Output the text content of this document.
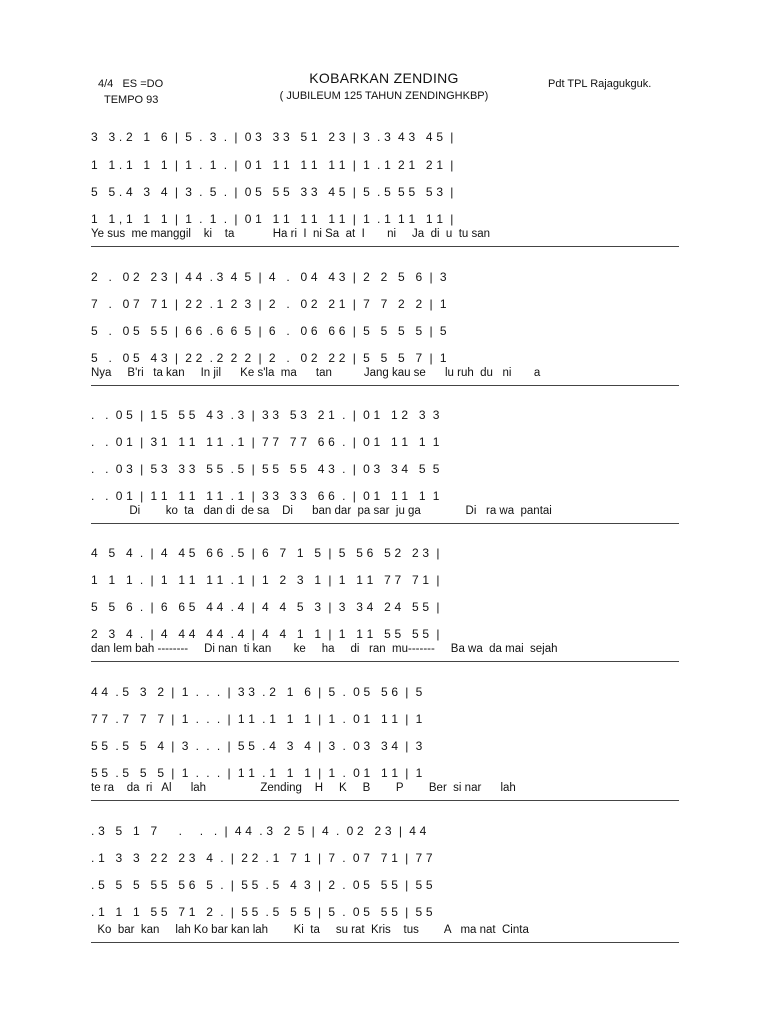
4/4 ES =DO
TEMPO 93
KOBARKAN ZENDING
( JUBILEUM 125 TAHUN ZENDINGHKBP)
Pdt TPL Rajagukguk.
3   3 . 2   1   6  |  5  .  3  .  |  0 3   3 3   5 1   2 3  |  3  . 3  4 3   4 5  |
1   1 . 1   1   1  |  1  .  1  .  |  0 1   1 1   1 1   1 1  |  1  . 1  2 1   2 1  |
5   5 . 4   3   4  |  3  .  5  .  |  0 5   5 5   3 3   4 5  |  5  . 5  5 5   5 3  |
1   1 , 1   1   1  |  1  .  1  .  |  0 1   1 1   1 1   1 1  |  1  . 1  1 1   1 1  |
Ye sus  me manggil    ki    ta            Ha ri  I  ni Sa  at  I       ni     Ja  di  u  tu san
2   .   0 2   2 3  |  4 4  . 3  4  5  |  4   .   0 4   4 3  |  2   2   5   6  |  3
7   .   0 7   7 1  |  2 2  . 1  2  3  |  2   .   0 2   2 1  |  7   7   2   2  |  1
5   .   0 5   5 5  |  6 6  . 6  6  5  |  6   .   0 6   6 6  |  5   5   5   5  |  5
5   .   0 5   4 3  |  2 2  . 2  2  2  |  2   .   0 2   2 2  |  5   5   5   7  |  1
Nya     B'ri   ta kan     In jil      Ke s'la  ma      tan          Jang kau se      lu ruh  du   ni       a
.   .  0 5  |  1 5   5 5   4 3  . 3  |  3 3   5 3   2 1  .  |  0 1   1 2   3  3
.   .  0 1  |  3 1   1 1   1 1  . 1  |  7 7   7 7   6 6  .  |  0 1   1 1   1  1
.   .  0 3  |  5 3   3 3   5 5  . 5  |  5 5   5 5   4 3  .  |  0 3   3 4   5  5
.   .  0 1  |  1 1   1 1   1 1  . 1  |  3 3   3 3   6 6  .  |  0 1   1 1   1  1
Di        ko  ta   dan di  de sa    Di      ban dar  pa sar  ju ga              Di   ra wa  pantai
4   5   4  .  |  4   4 5   6 6  . 5  |  6   7   1   5  |  5   5 6   5 2   2 3  |
1   1   1  .  |  1   1 1   1 1  . 1  |  1   2   3   1  |  1   1 1   7 7   7 1  |
5   5   6  .  |  6   6 5   4 4  . 4  |  4   4   5   3  |  3   3 4   2 4   5 5  |
2   3   4  .  |  4   4 4   4 4  . 4  |  4   4   1   1  |  1   1 1   5 5   5 5  |
dan lem bah --------     Di nan  ti kan       ke     ha     di   ran  mu-------     Ba wa  da mai  sejah
4 4  . 5   3   2  |  1  .  .  .  |  3 3  . 2   1   6  |  5  .  0 5   5 6  |  5
7 7  . 7   7   7  |  1  .  .  .  |  1 1  . 1   1   1  |  1  .  0 1   1 1  |  1
5 5  . 5   5   4  |  3  .  .  .  |  5 5  . 4   3   4  |  3  .  0 3   3 4  |  3
5 5  . 5   5   5  |  1  .  .  .  |  1 1  . 1   1   1  |  1  .  0 1   1 1  |  1
te ra    da  ri   Al      lah                 Zending    H     K     B        P        Ber  si nar      lah
. 3   5   1   7      .     .   .  |  4 4  . 3   2  5  |  4  .  0 2   2 3  |  4 4
. 1   3   3   2 2   2 3   4  .  |  2 2  . 1   7  1  |  7  .  0 7   7 1  |  7 7
. 5   5   5   5 5   5 6   5  .  |  5 5  . 5   4  3  |  2  .  0 5   5 5  |  5 5
. 1   1   1   5 5   7 1   2  .  |  5 5  . 5   5  5  |  5  .  0 5   5 5  |  5 5
Ko  bar  kan     lah Ko bar kan lah        Ki  ta     su rat  Kris    tus        A   ma nat  Cinta
